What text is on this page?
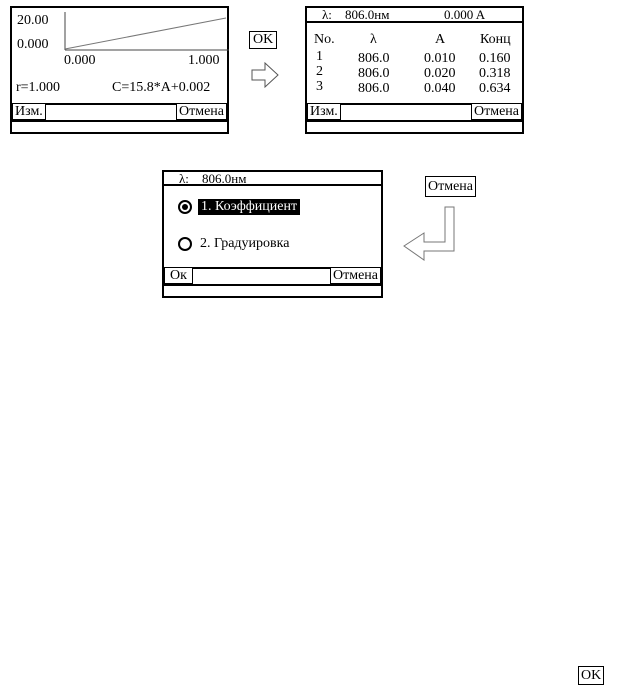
20.00
0.000
0.000	1.000
r=1.000	C=15.8*A+0.002
Изм.	Отмена
OK
λ: 806.0нм	0.000 A
No.	λ	A Конц
1	806.0 0.010 0.160
2	806.0 0.020 0.318
3	806.0 0.040 0.634
Изм.	Отмена
λ: 806.0нм
1. Коэффициент
2. Градуировка
Ок	Отмена
Отмена
OK
